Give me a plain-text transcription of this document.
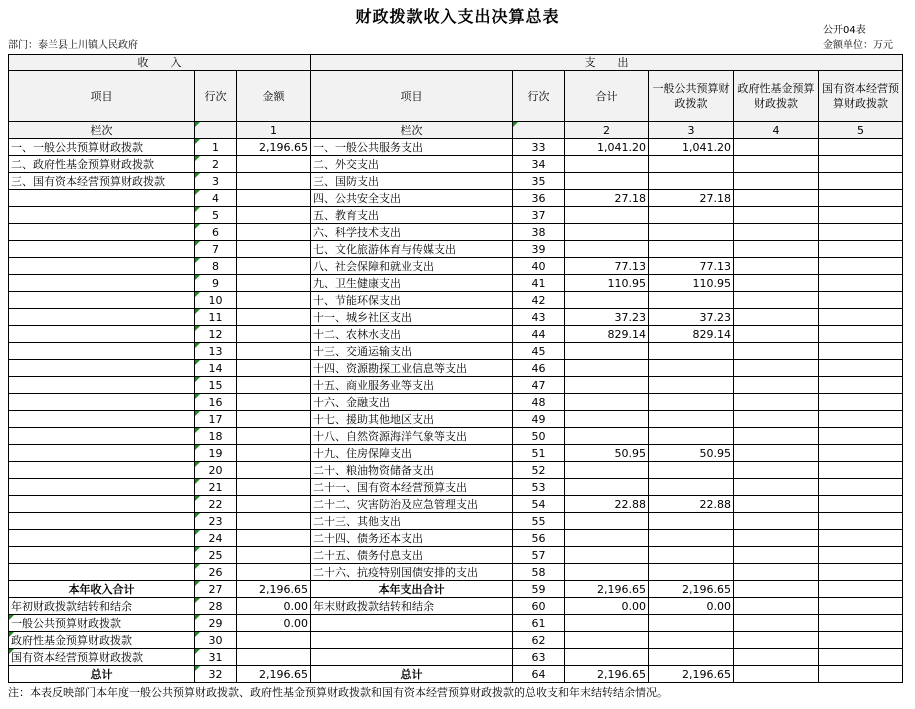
财政拨款收入支出决算总表
公开04表
部门：泰兰县上川镇人民政府	金额单位：万元
收　　入			支　　出					
项目	行次	金额	项目	行次	合计	一般公共预算财政拨款	政府性基金预算财政拨款	国有资本经营预算财政拨款
栏次		1	栏次		2	3	4	5
一、一般公共预算财政拨款	1	2,196.65	一、一般公共服务支出	33	1,041.20	1,041.20		
二、政府性基金预算财政拨款	2		二、外交支出	34				
三、国有资本经营预算财政拨款	3		三、国防支出	35				
	4		四、公共安全支出	36	27.18	27.18		
	5		五、教育支出	37				
	6		六、科学技术支出	38				
	7		七、文化旅游体育与传媒支出	39				
	8		八、社会保障和就业支出	40	77.13	77.13		
	9		九、卫生健康支出	41	110.95	110.95		
	10		十、节能环保支出	42				
	11		十一、城乡社区支出	43	37.23	37.23		
	12		十二、农林水支出	44	829.14	829.14		
	13		十三、交通运输支出	45				
	14		十四、资源勘探工业信息等支出	46				
	15		十五、商业服务业等支出	47				
	16		十六、金融支出	48				
	17		十七、援助其他地区支出	49				
	18		十八、自然资源海洋气象等支出	50				
	19		十九、住房保障支出	51	50.95	50.95		
	20		二十、粮油物资储备支出	52				
	21		二十一、国有资本经营预算支出	53				
	22		二十二、灾害防治及应急管理支出	54	22.88	22.88		
	23		二十三、其他支出	55				
	24		二十四、债务还本支出	56				
	25		二十五、债务付息支出	57				
	26		二十六、抗疫特别国债安排的支出	58				
本年收入合计	27	2,196.65	本年支出合计	59	2,196.65	2,196.65		
年初财政拨款结转和结余	28	0.00	年末财政拨款结转和结余	60	0.00	0.00		
一般公共预算财政拨款	29	0.00		61				
政府性基金预算财政拨款	30			62				
国有资本经营预算财政拨款	31			63				
总计	32	2,196.65	总计	64	2,196.65	2,196.65		
注：本表反映部门本年度一般公共预算财政拨款、政府性基金预算财政拨款和国有资本经营预算财政拨款的总收支和年末结转结余情况。
